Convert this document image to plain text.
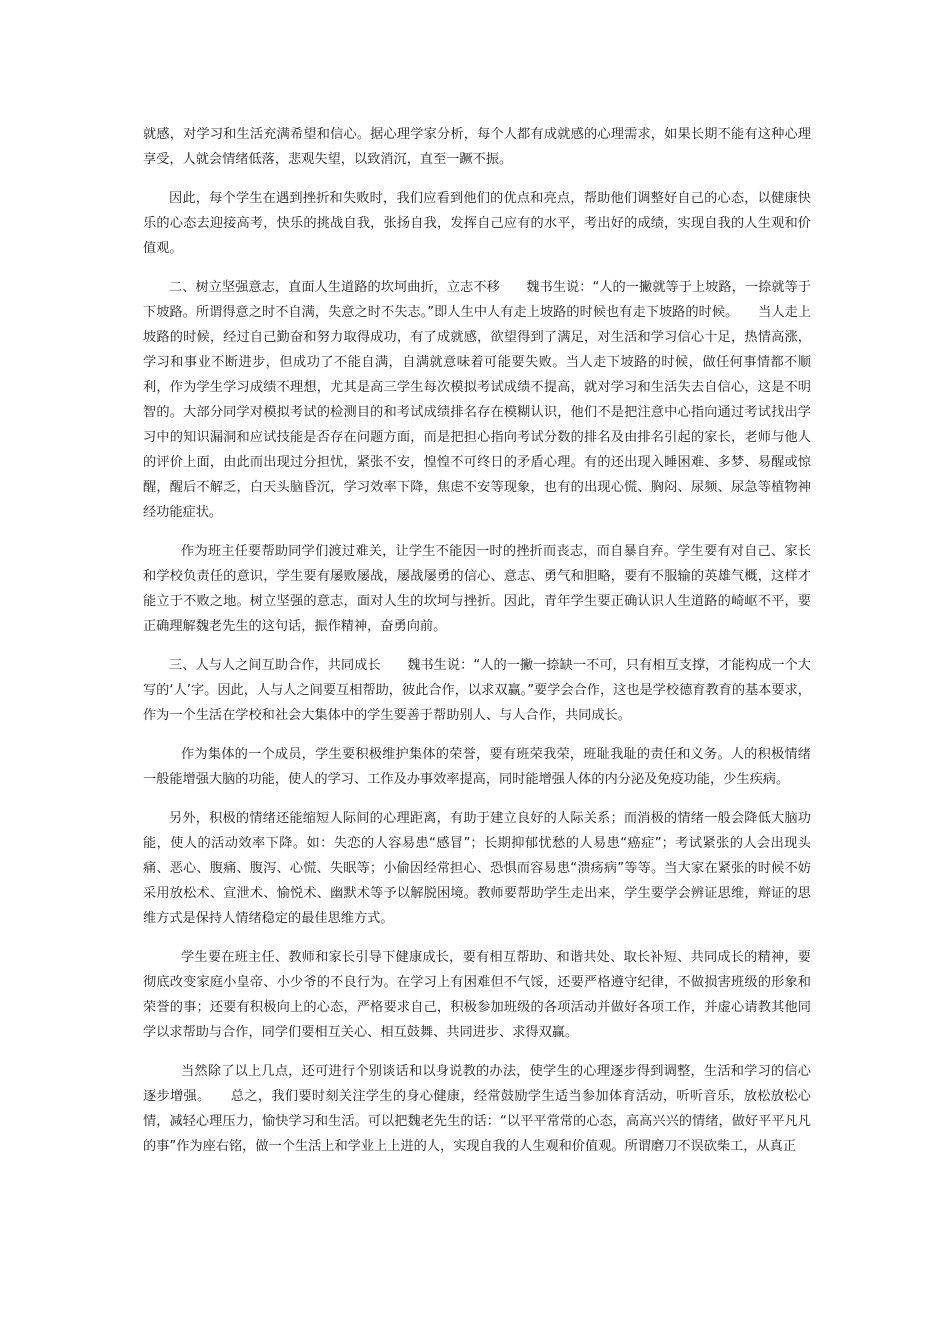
就感，对学习和生活充满希望和信心。据心理学家分析，每个人都有成就感的心理需求，如果长期不能有这种心理享受，人就会情绪低落，悲观失望，以致消沉，直至一蹶不振。

因此，每个学生在遇到挫折和失败时，我们应看到他们的优点和亮点，帮助他们调整好自己的心态，以健康快乐的心态去迎接高考，快乐的挑战自我，张扬自我，发挥自己应有的水平，考出好的成绩，实现自我的人生观和价值观。

二、树立坚强意志，直面人生道路的坎坷曲折，立志不移　　魏书生说：“人的一撇就等于上坡路，一捺就等于下坡路。所谓得意之时不自满，失意之时不失志。”即人生中人有走上坡路的时候也有走下坡路的时候。　　当人走上坡路的时候，经过自己勤奋和努力取得成功，有了成就感，欲望得到了满足，对生活和学习信心十足，热情高涨，学习和事业不断进步，但成功了不能自满，自满就意味着可能要失败。当人走下坡路的时候，做任何事情都不顺利，作为学生学习成绩不理想，尤其是高三学生每次模拟考试成绩不提高，就对学习和生活失去自信心，这是不明智的。大部分同学对模拟考试的检测目的和考试成绩排名存在模糊认识，他们不是把注意中心指向通过考试找出学习中的知识漏洞和应试技能是否存在问题方面，而是把担心指向考试分数的排名及由排名引起的家长，老师与他人的评价上面，由此而出现过分担忧，紧张不安，惶惶不可终日的矛盾心理。有的还出现入睡困难、多梦、易醒或惊醒，醒后不解乏，白天头脑昏沉，学习效率下降，焦虑不安等现象，也有的出现心慌、胸闷、尿频、尿急等植物神经功能症状。

作为班主任要帮助同学们渡过难关，让学生不能因一时的挫折而丧志，而自暴自弃。学生要有对自己、家长和学校负责任的意识，学生要有屡败屡战，屡战屡勇的信心、意志、勇气和胆略，要有不服输的英雄气概，这样才能立于不败之地。树立坚强的意志，面对人生的坎坷与挫折。因此，青年学生要正确认识人生道路的崎岖不平，要正确理解魏老先生的这句话，振作精神，奋勇向前。

三、人与人之间互助合作，共同成长　　魏书生说：“人的一撇一捺缺一不可，只有相互支撑，才能构成一个大写的‘人’字。因此，人与人之间要互相帮助，彼此合作，以求双赢。”要学会合作，这也是学校德育教育的基本要求，作为一个生活在学校和社会大集体中的学生要善于帮助别人、与人合作，共同成长。

作为集体的一个成员，学生要积极维护集体的荣誉，要有班荣我荣，班耻我耻的责任和义务。人的积极情绪一般能增强大脑的功能，使人的学习、工作及办事效率提高，同时能增强人体的内分泌及免疫功能，少生疾病。

另外，积极的情绪还能缩短人际间的心理距离，有助于建立良好的人际关系；而消极的情绪一般会降低大脑功能，使人的活动效率下降。如：失恋的人容易患“感冒”；长期抑郁忧愁的人易患“癌症”；考试紧张的人会出现头痛、恶心、腹痛、腹泻、心慌、失眠等；小偷因经常担心、恐惧而容易患“溃疡病”等等。当大家在紧张的时候不妨采用放松术、宣泄术、愉悦术、幽默术等予以解脱困境。教师要帮助学生走出来，学生要学会辨证思维，辩证的思维方式是保持人情绪稳定的最佳思维方式。

学生要在班主任、教师和家长引导下健康成长，要有相互帮助、和谐共处、取长补短、共同成长的精神，要彻底改变家庭小皇帝、小少爷的不良行为。在学习上有困难但不气馁，还要严格遵守纪律，不做损害班级的形象和荣誉的事；还要有积极向上的心态，严格要求自己，积极参加班级的各项活动并做好各项工作，并虚心请教其他同学以求帮助与合作，同学们要相互关心、相互鼓舞、共同进步、求得双赢。

当然除了以上几点，还可进行个别谈话和以身说教的办法，使学生的心理逐步得到调整，生活和学习的信心逐步增强。　　总之，我们要时刻关注学生的身心健康，经常鼓励学生适当参加体育活动，听听音乐，放松放松心情，减轻心理压力，愉快学习和生活。可以把魏老先生的话：“以平平常常的心态，高高兴兴的情绪，做好平平凡凡的事”作为座右铭，做一个生活上和学业上上进的人，实现自我的人生观和价值观。所谓磨刀不误砍柴工，从真正
